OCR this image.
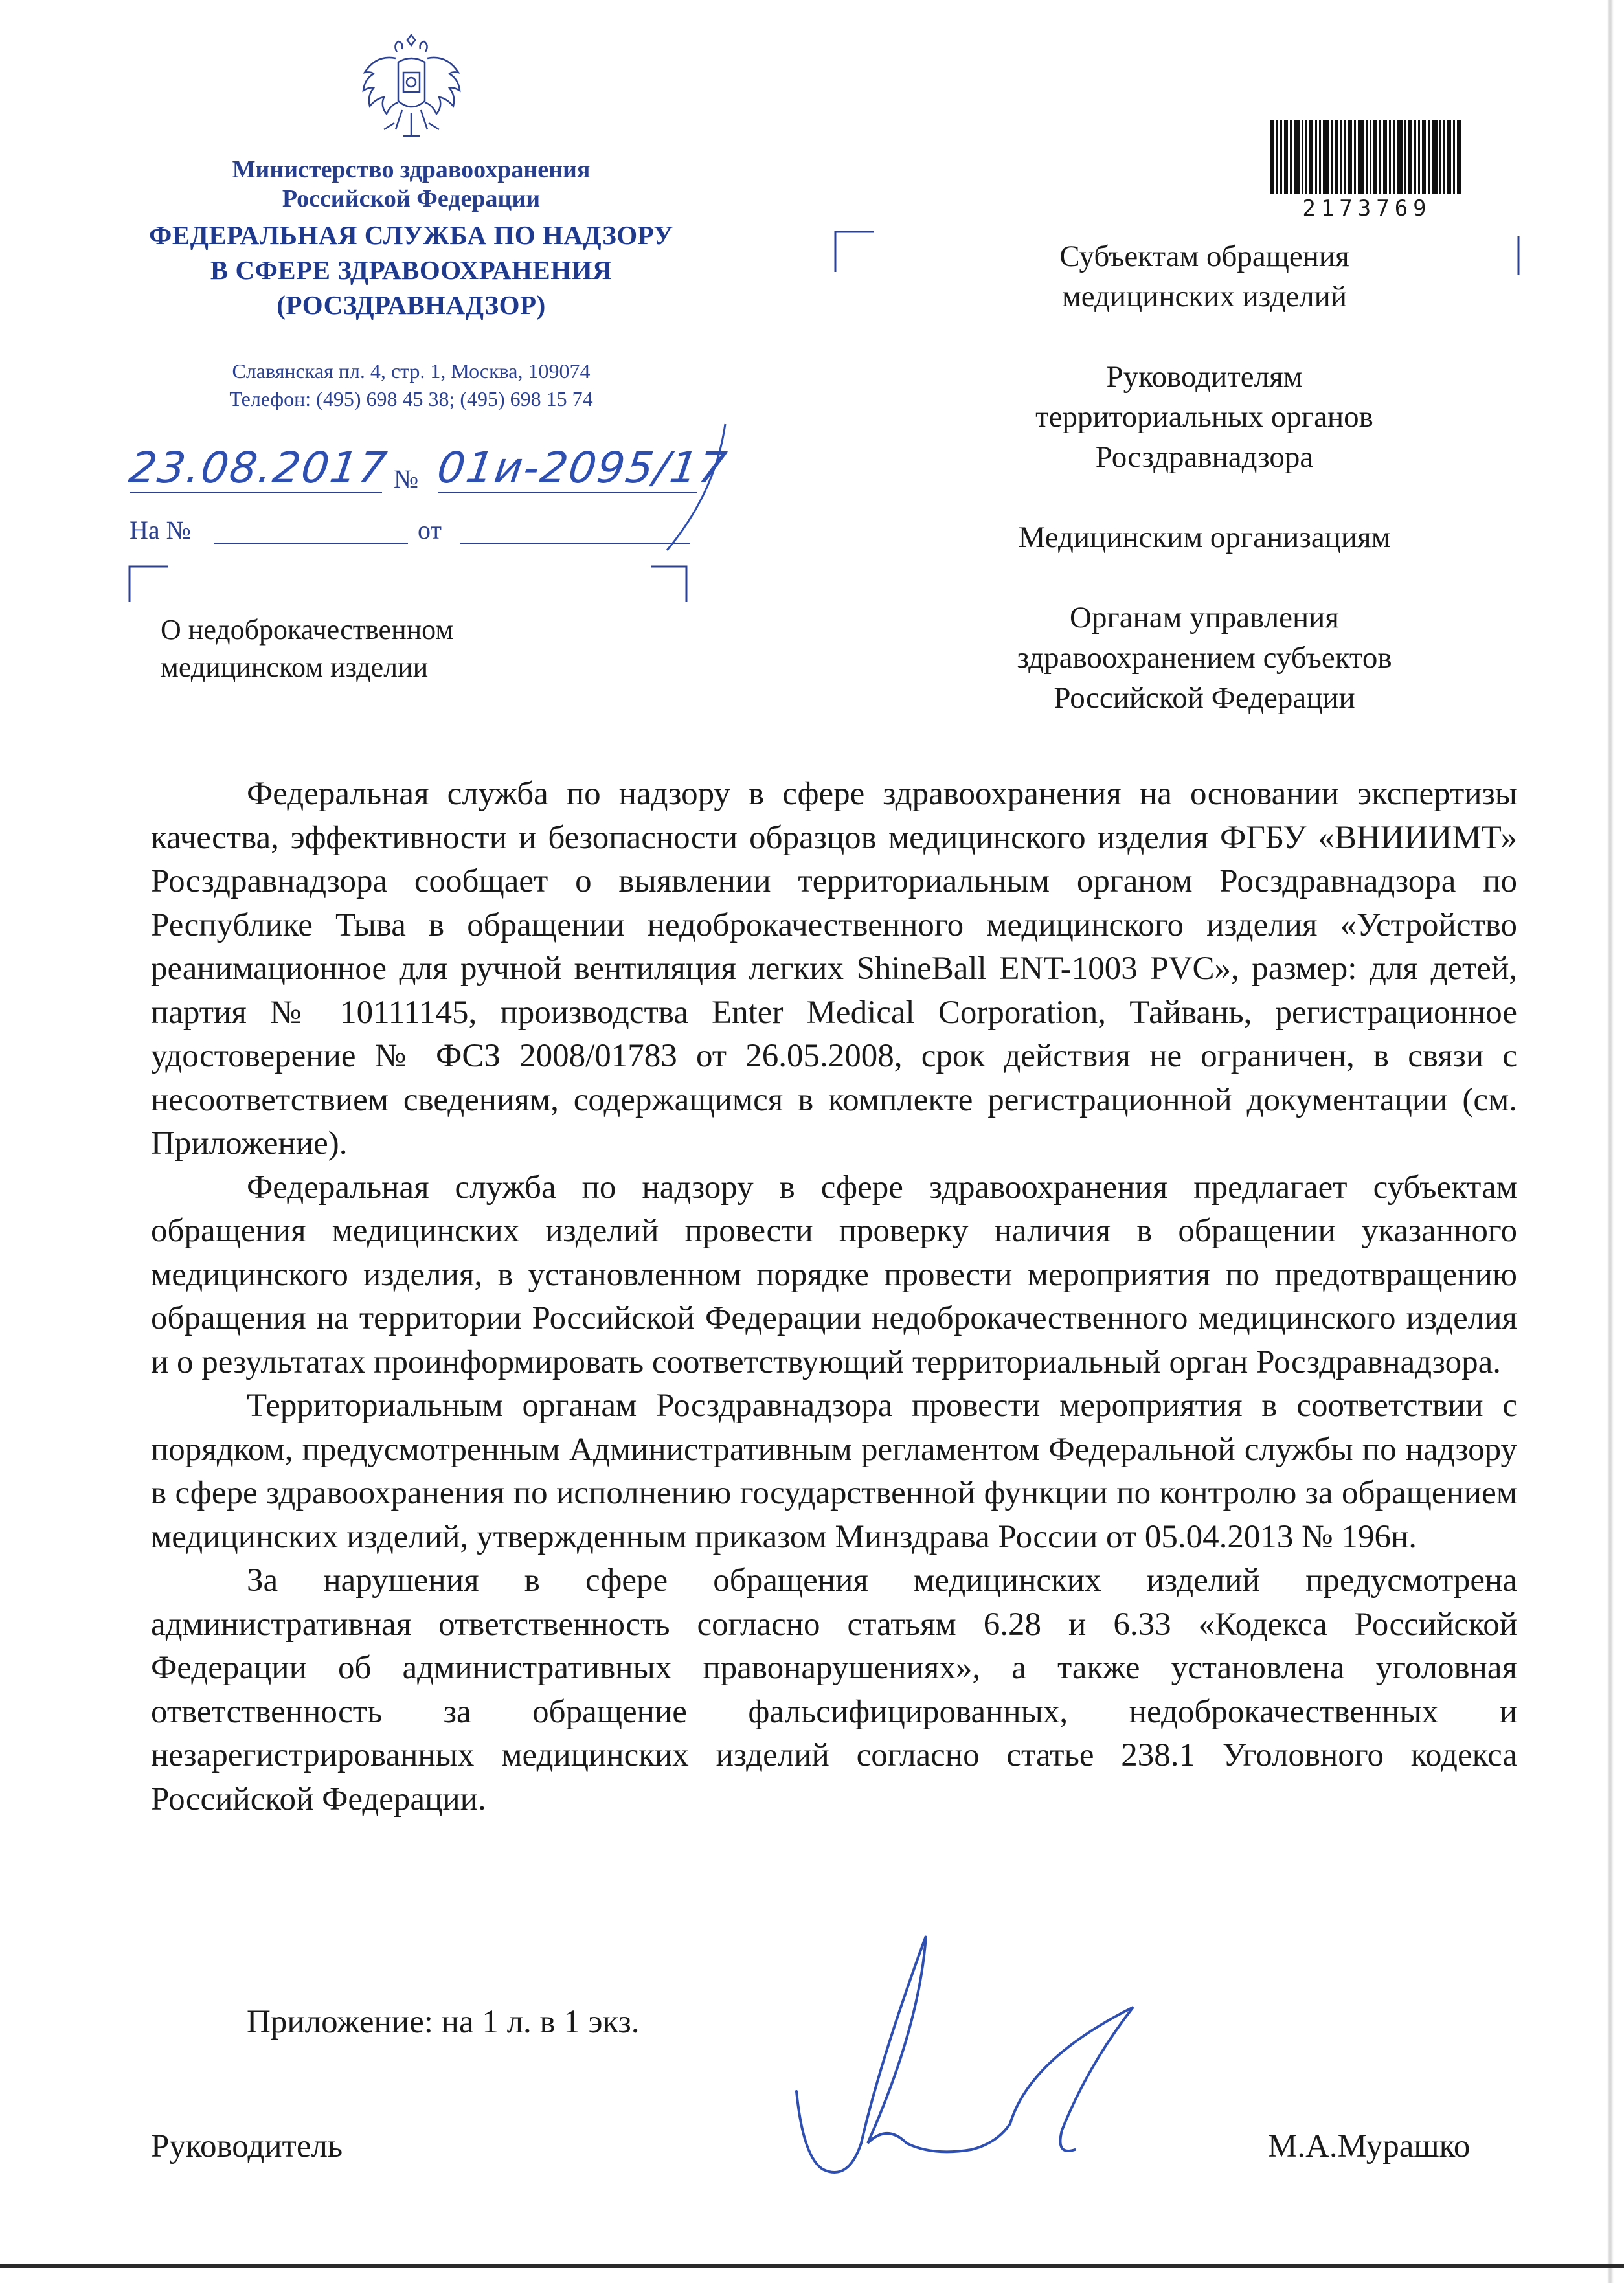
Министерство здравоохранения
Российской Федерации
ФЕДЕРАЛЬНАЯ СЛУЖБА ПО НАДЗОРУ
В СФЕРЕ ЗДРАВООХРАНЕНИЯ
(РОСЗДРАВНАДЗОР)
Славянская пл. 4, стр. 1, Москва, 109074
Телефон: (495) 698 45 38; (495) 698 15 74
23.08.2017 № 01и-2095/17
На №	от
О недоброкачественном
медицинском изделии
2173769
Субъектам обращения
медицинских изделий
Руководителям
территориальных органов
Росздравнадзора
Медицинским организациям
Органам управления
здравоохранением субъектов
Российской Федерации

Федеральная служба по надзору в сфере здравоохранения на основании экспертизы качества, эффективности и безопасности образцов медицинского изделия ФГБУ «ВНИИИМТ» Росздравнадзора сообщает о выявлении территориальным органом Росздравнадзора по Республике Тыва в обращении недоброкачественного медицинского изделия «Устройство реанимационное для ручной вентиляция легких ShineBall ENT-1003 PVC», размер: для детей, партия № 10111145, производства Enter Medical Corporation, Тайвань, регистрационное удостоверение № ФСЗ 2008/01783 от 26.05.2008, срок действия не ограничен, в связи с несоответствием сведениям, содержащимся в комплекте регистрационной документации (см. Приложение).

Федеральная служба по надзору в сфере здравоохранения предлагает субъектам обращения медицинских изделий провести проверку наличия в обращении указанного медицинского изделия, в установленном порядке провести мероприятия по предотвращению обращения на территории Российской Федерации недоброкачественного медицинского изделия и о результатах проинформировать соответствующий территориальный орган Росздравнадзора.

Территориальным органам Росздравнадзора провести мероприятия в соответствии с порядком, предусмотренным Административным регламентом Федеральной службы по надзору в сфере здравоохранения по исполнению государственной функции по контролю за обращением медицинских изделий, утвержденным приказом Минздрава России от 05.04.2013 № 196н.

За нарушения в сфере обращения медицинских изделий предусмотрена административная ответственность согласно статьям 6.28 и 6.33 «Кодекса Российской Федерации об административных правонарушениях», а также установлена уголовная ответственность за обращение фальсифицированных, недоброкачественных и незарегистрированных медицинских изделий согласно статье 238.1 Уголовного кодекса Российской Федерации.

Приложение: на 1 л. в 1 экз.
Руководитель	М.А.Мурашко
